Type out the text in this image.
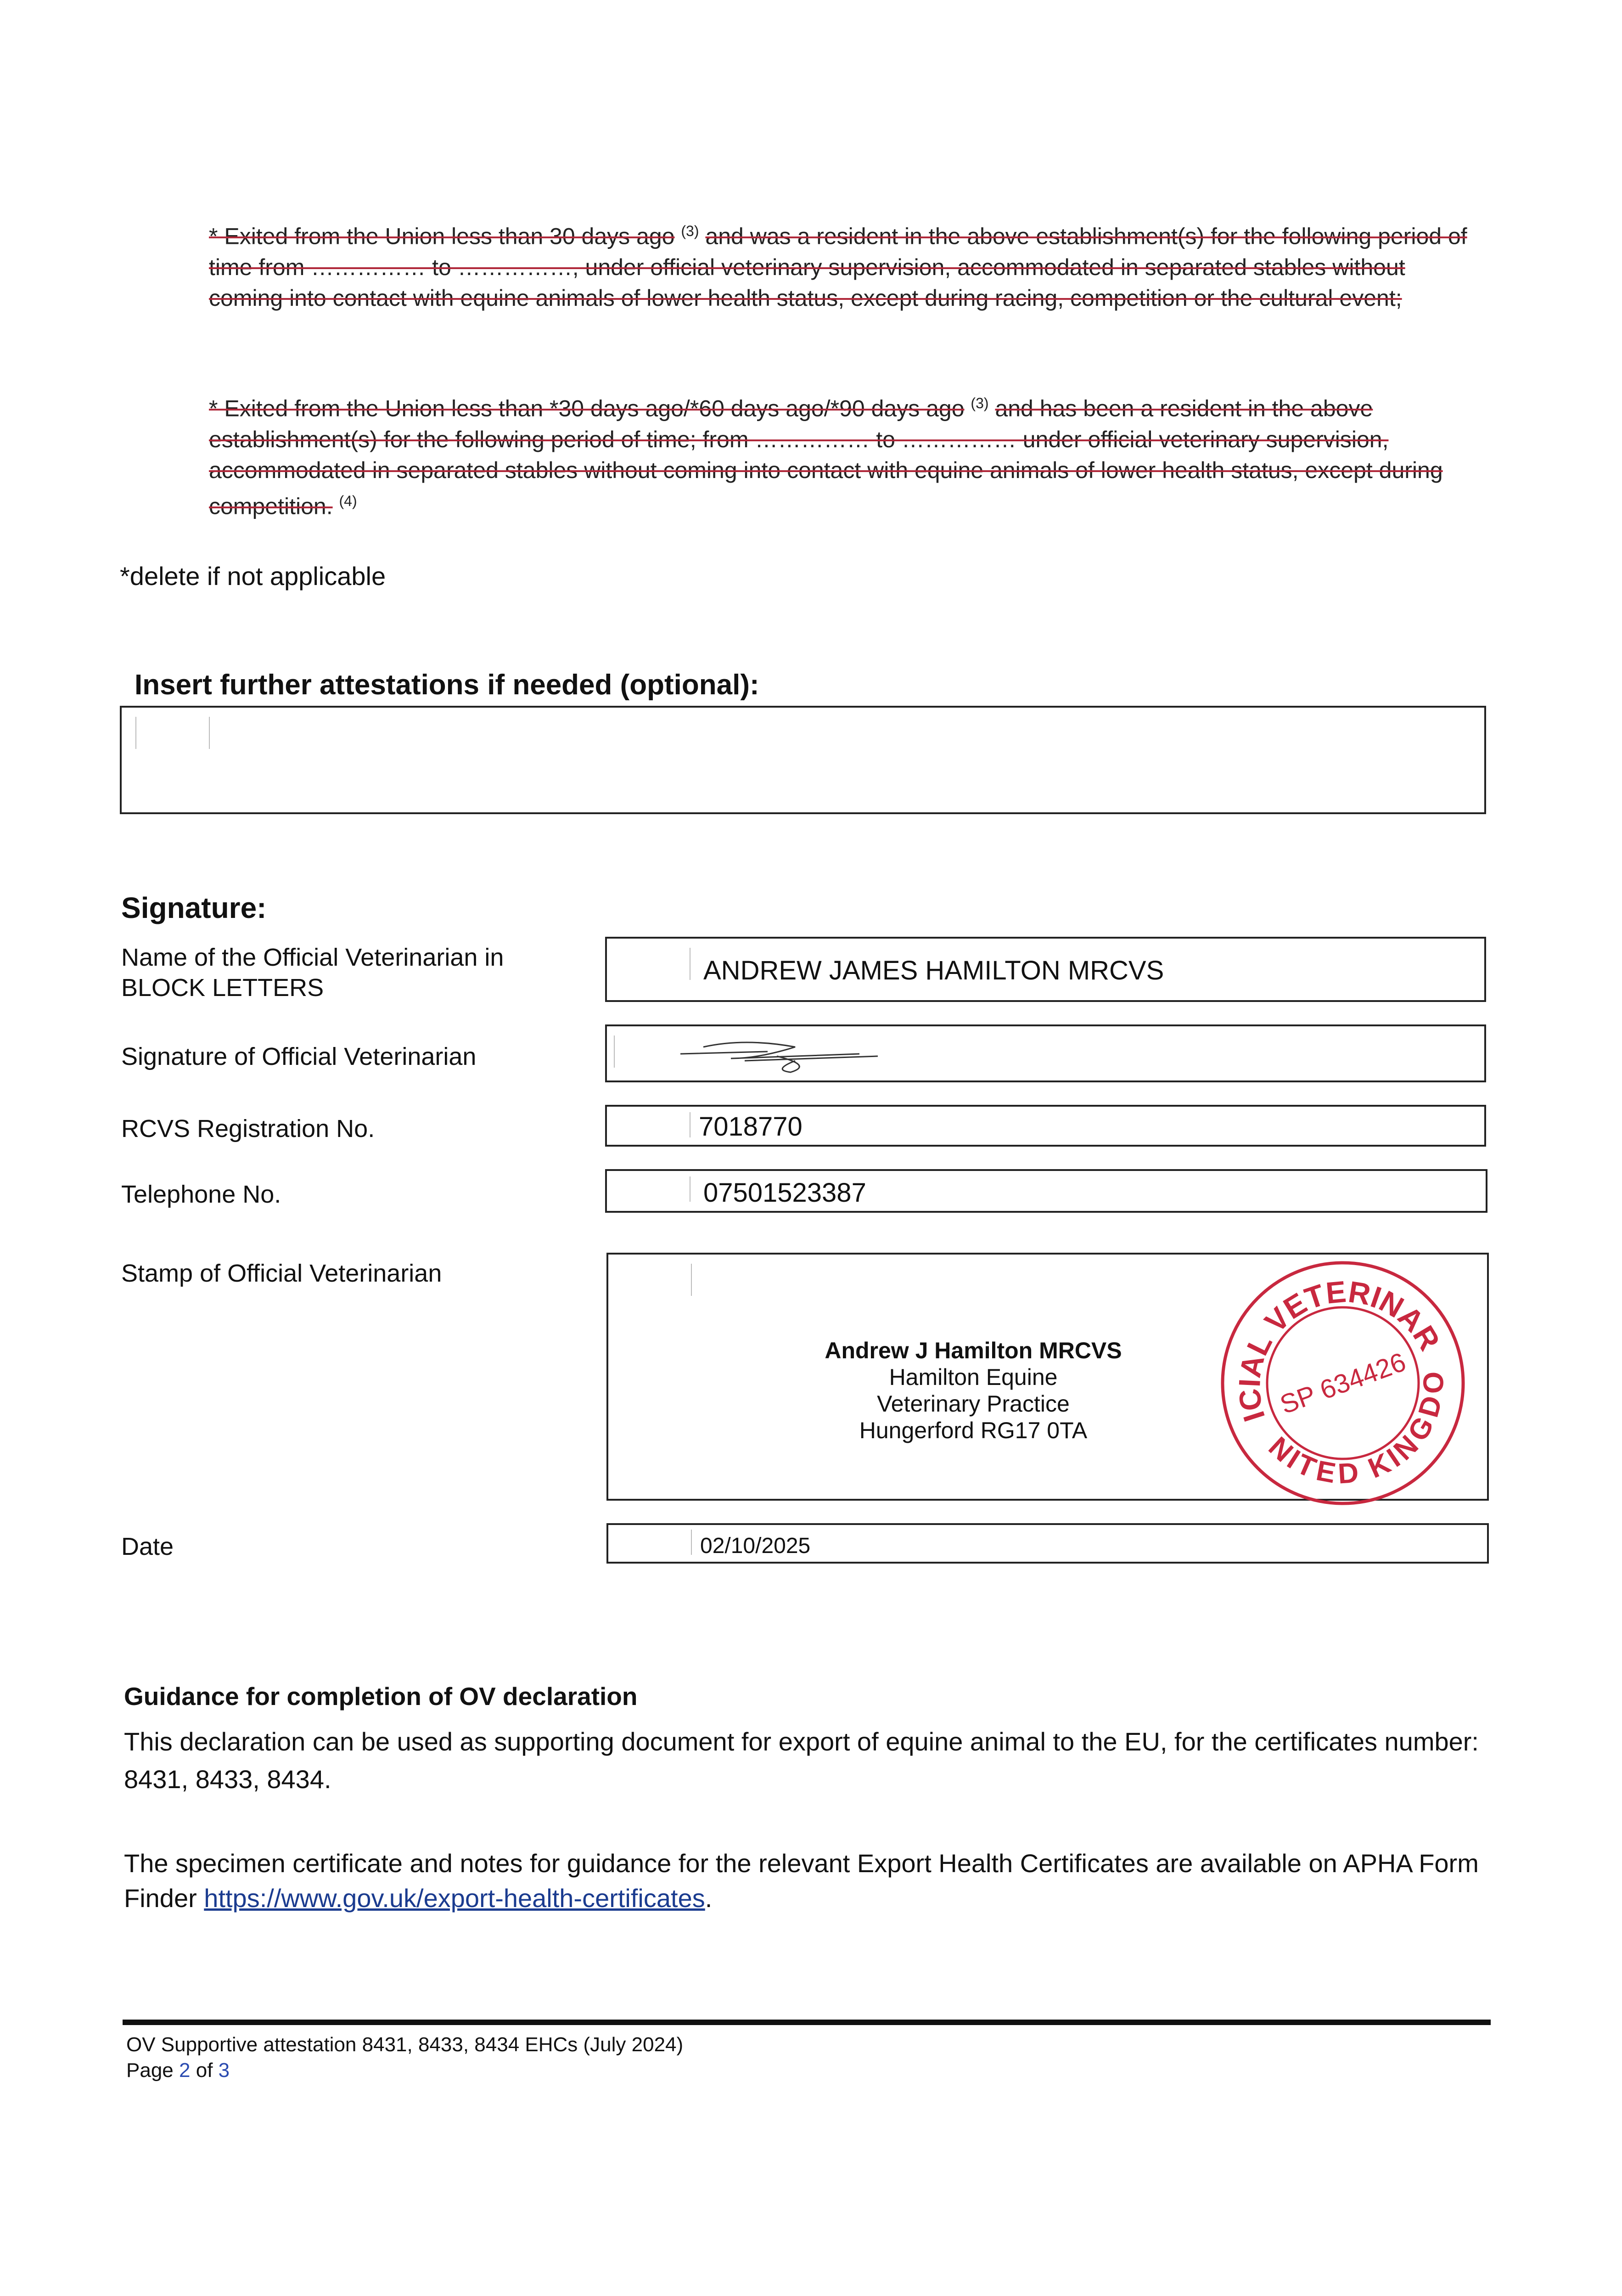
* Exited from the Union less than 30 days ago $^{(3)}$ and was a resident in the above establishment(s) for the following period of time from …………… to ……………, under official veterinary supervision, accommodated in separated stables without coming into contact with equine animals of lower health status, except during racing, competition or the cultural event;
* Exited from the Union less than *30 days ago/*60 days ago/*90 days ago $^{(3)}$ and has been a resident in the above establishment(s) for the following period of time; from …………… to …………… under official veterinary supervision, accommodated in separated stables without coming into contact with equine animals of lower health status, except during competition. $^{(4)}$
*delete if not applicable
Insert further attestations if needed (optional):
Signature:
Name of the Official Veterinarian in
BLOCK LETTERS
ANDREW JAMES HAMILTON MRCVS
Signature of Official Veterinarian
RCVS Registration No.	7018770
Telephone No.	07501523387
Stamp of Official Veterinarian
Andrew J Hamilton MRCVS
Hamilton Equine
Veterinary Practice
Hungerford RG17 0TA
OFFICIAL VETERINARIAN
UNITED KINGDOM
SP 634426
Date	02/10/2025
Guidance for completion of OV declaration
This declaration can be used as supporting document for export of equine animal to the EU, for the certificates number: 8431, 8433, 8434.
The specimen certificate and notes for guidance for the relevant Export Health Certificates are available on APHA Form Finder https://www.gov.uk/export-health-certificates.
OV Supportive attestation 8431, 8433, 8434 EHCs (July 2024)
Page 2 of 3
